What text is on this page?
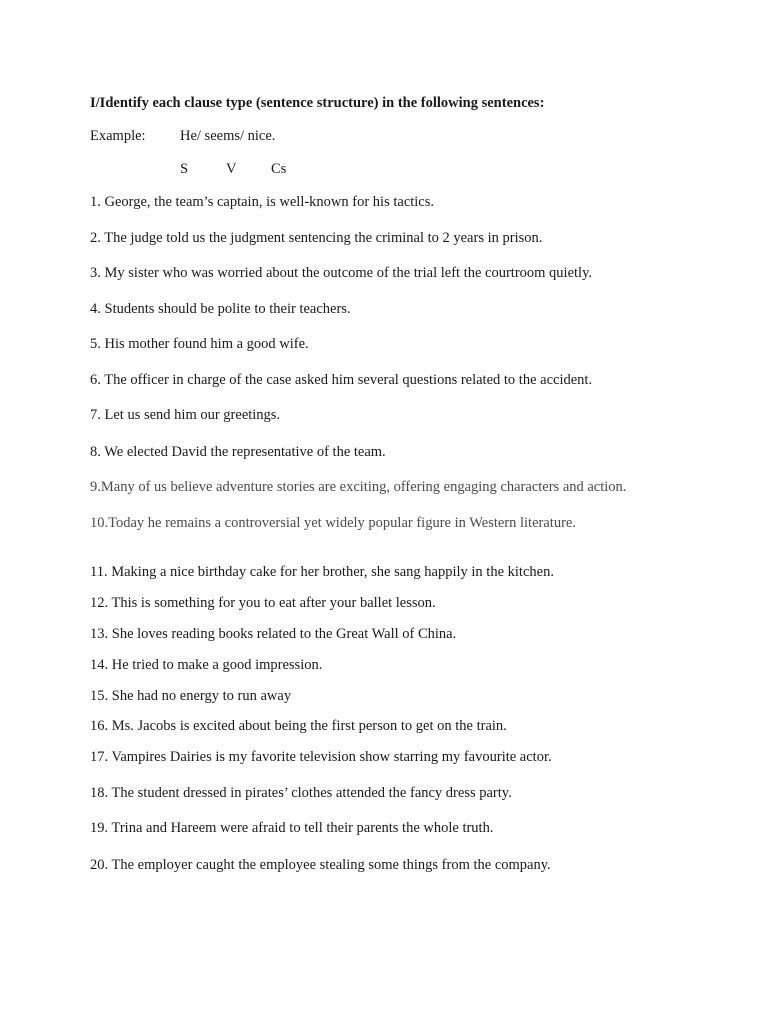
I/Identify each clause type (sentence structure) in the following sentences:
Example: He/ seems/ nice.
S	V Cs
1. George, the team’s captain, is well-known for his tactics.
2. The judge told us the judgment sentencing the criminal to 2 years in prison.
3. My sister who was worried about the outcome of the trial left the courtroom quietly.
4. Students should be polite to their teachers.
5. His mother found him a good wife.
6. The officer in charge of the case asked him several questions related to the accident.
7. Let us send him our greetings.
8. We elected David the representative of the team.
9.Many of us believe adventure stories are exciting, offering engaging characters and action.
10.Today he remains a controversial yet widely popular figure in Western literature.
11. Making a nice birthday cake for her brother, she sang happily in the kitchen.
12. This is something for you to eat after your ballet lesson.
13. She loves reading books related to the Great Wall of China.
14. He tried to make a good impression.
15. She had no energy to run away
16. Ms. Jacobs is excited about being the first person to get on the train.
17. Vampires Dairies is my favorite television show starring my favourite actor.
18. The student dressed in pirates’ clothes attended the fancy dress party.
19. Trina and Hareem were afraid to tell their parents the whole truth.
20. The employer caught the employee stealing some things from the company.
